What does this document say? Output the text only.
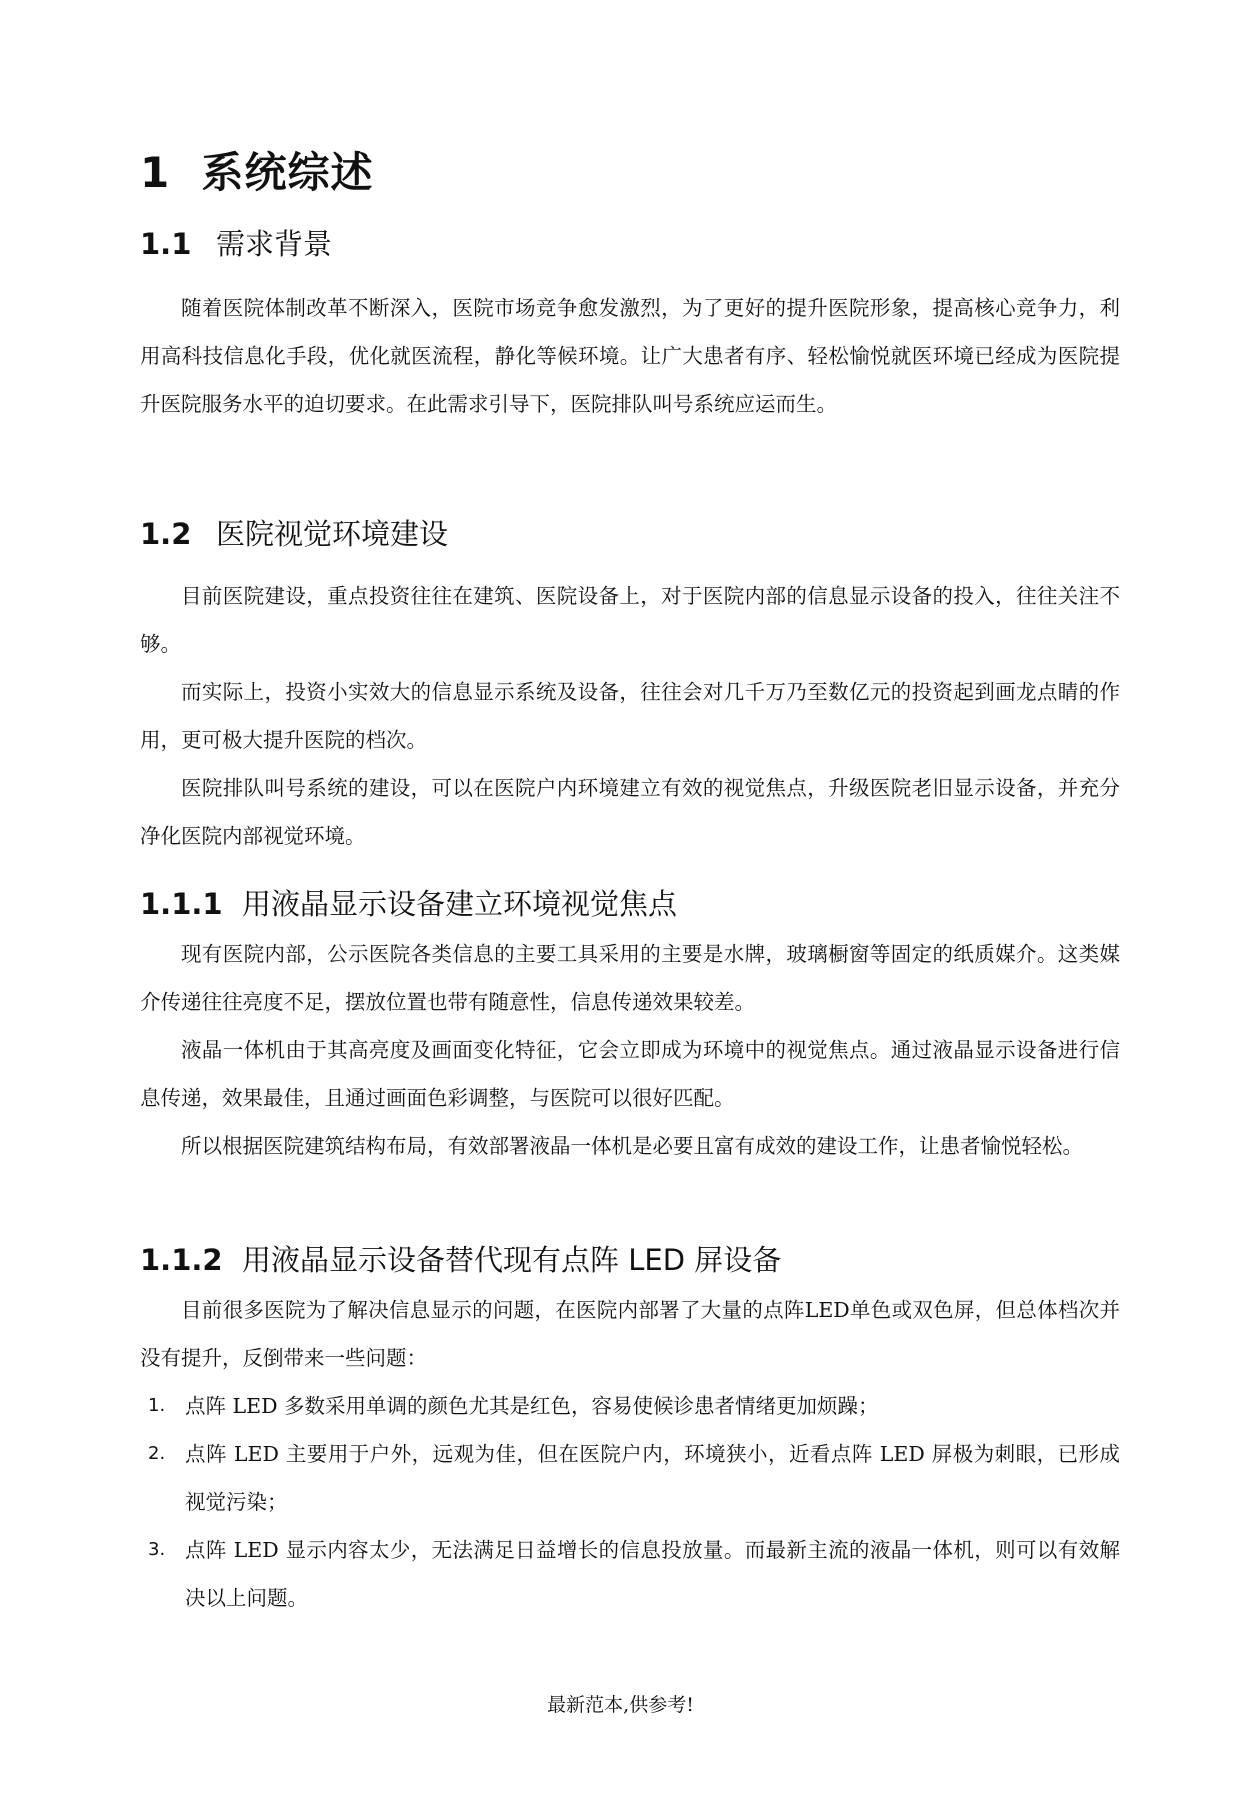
1 系统综述
1.1 需求背景

随着医院体制改革不断深入，医院市场竞争愈发激烈，为了更好的提升医院形象，提高核心竞争力，利用高科技信息化手段，优化就医流程，静化等候环境。让广大患者有序、轻松愉悦就医环境已经成为医院提升医院服务水平的迫切要求。在此需求引导下，医院排队叫号系统应运而生。

1.2 医院视觉环境建设

目前医院建设，重点投资往往在建筑、医院设备上，对于医院内部的信息显示设备的投入，往往关注不够。

而实际上，投资小实效大的信息显示系统及设备，往往会对几千万乃至数亿元的投资起到画龙点睛的作用，更可极大提升医院的档次。

医院排队叫号系统的建设，可以在医院户内环境建立有效的视觉焦点，升级医院老旧显示设备，并充分净化医院内部视觉环境。

1.1.1 用液晶显示设备建立环境视觉焦点

现有医院内部，公示医院各类信息的主要工具采用的主要是水牌，玻璃橱窗等固定的纸质媒介。这类媒介传递往往亮度不足，摆放位置也带有随意性，信息传递效果较差。

液晶一体机由于其高亮度及画面变化特征，它会立即成为环境中的视觉焦点。通过液晶显示设备进行信息传递，效果最佳，且通过画面色彩调整，与医院可以很好匹配。

所以根据医院建筑结构布局，有效部署液晶一体机是必要且富有成效的建设工作，让患者愉悦轻松。

1.1.2 用液晶显示设备替代现有点阵 LED 屏设备

目前很多医院为了解决信息显示的问题，在医院内部署了大量的点阵LED单色或双色屏，但总体档次并没有提升，反倒带来一些问题：

1. 点阵 LED 多数采用单调的颜色尤其是红色，容易使候诊患者情绪更加烦躁；
2. 点阵 LED 主要用于户外，远观为佳，但在医院户内，环境狭小，近看点阵 LED 屏极为刺眼，已形成视觉污染；
3. 点阵 LED 显示内容太少，无法满足日益增长的信息投放量。而最新主流的液晶一体机，则可以有效解决以上问题。
最新范本,供参考!
